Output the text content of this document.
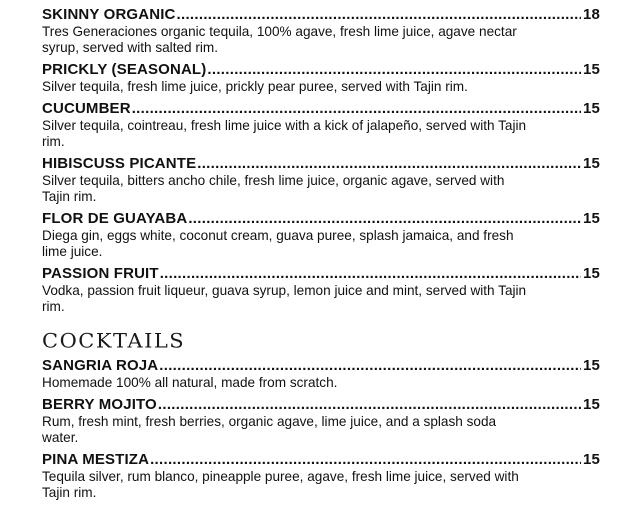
SKINNY ORGANIC .....	18
Tres Generaciones organic tequila, 100% agave, fresh lime juice, agave nectar syrup, served with salted rim.
PRICKLY (SEASONAL) .....	15
Silver tequila, fresh lime juice, prickly pear puree, served with Tajin rim.
CUCUMBER .....	15
Silver tequila, cointreau, fresh lime juice with a kick of jalapeño, served with Tajin rim.
HIBISCUSS PICANTE .....	15
Silver tequila, bitters ancho chile, fresh lime juice, organic agave, served with Tajin rim.
FLOR DE GUAYABA .....	15
Diega gin, eggs white, coconut cream, guava puree, splash jamaica, and fresh lime juice.
PASSION FRUIT .....	15
Vodka, passion fruit liqueur, guava syrup, lemon juice and mint, served with Tajin rim.
COCKTAILS
SANGRIA ROJA .....	15
Homemade 100% all natural, made from scratch.
BERRY MOJITO .....	15
Rum, fresh mint, fresh berries, organic agave, lime juice, and a splash soda water.
PINA MESTIZA .....	15
Tequila silver, rum blanco, pineapple puree, agave, fresh lime juice, served with Tajin rim.
